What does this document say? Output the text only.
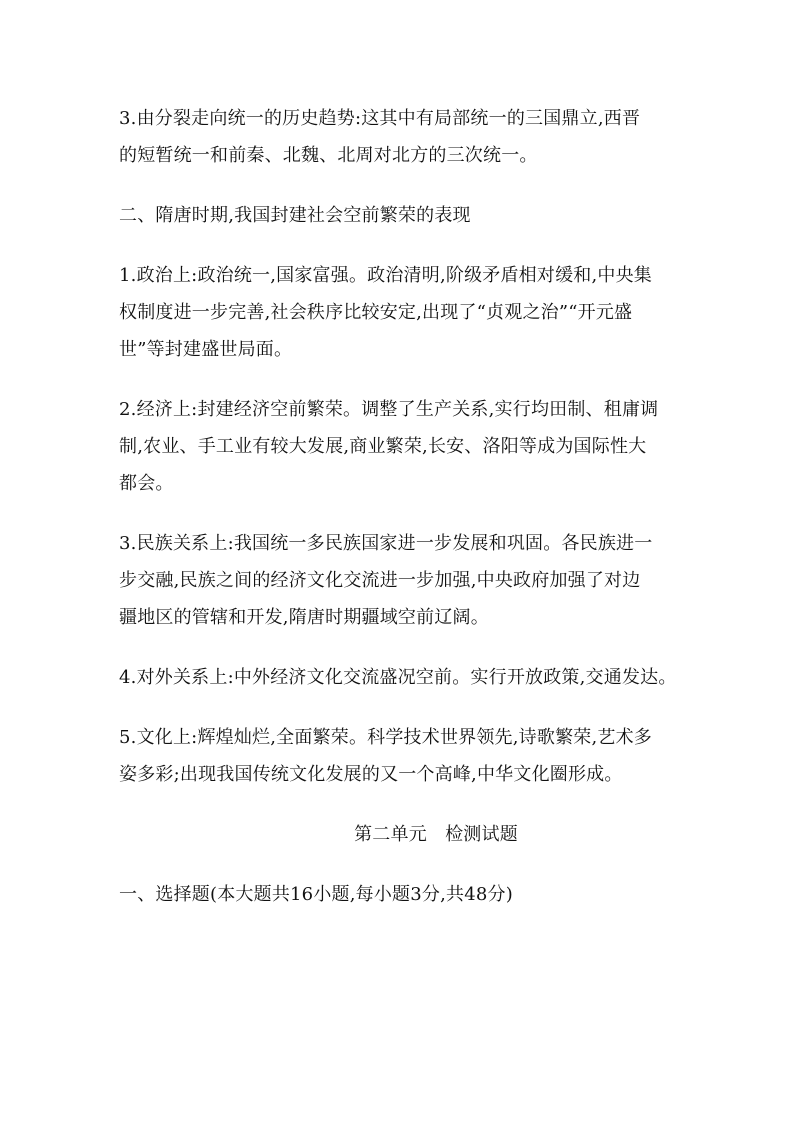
3.由分裂走向统一的历史趋势:这其中有局部统一的三国鼎立,西晋
的短暂统一和前秦、北魏、北周对北方的三次统一。

二、隋唐时期,我国封建社会空前繁荣的表现

1.政治上:政治统一,国家富强。政治清明,阶级矛盾相对缓和,中央集
权制度进一步完善,社会秩序比较安定,出现了“贞观之治”“开元盛
世”等封建盛世局面。

2.经济上:封建经济空前繁荣。调整了生产关系,实行均田制、租庸调
制,农业、手工业有较大发展,商业繁荣,长安、洛阳等成为国际性大
都会。

3.民族关系上:我国统一多民族国家进一步发展和巩固。各民族进一
步交融,民族之间的经济文化交流进一步加强,中央政府加强了对边
疆地区的管辖和开发,隋唐时期疆域空前辽阔。

4.对外关系上:中外经济文化交流盛况空前。实行开放政策,交通发达。

5.文化上:辉煌灿烂,全面繁荣。科学技术世界领先,诗歌繁荣,艺术多
姿多彩;出现我国传统文化发展的又一个高峰,中华文化圈形成。

第二单元　检测试题

一、选择题(本大题共16小题,每小题3分,共48分)
